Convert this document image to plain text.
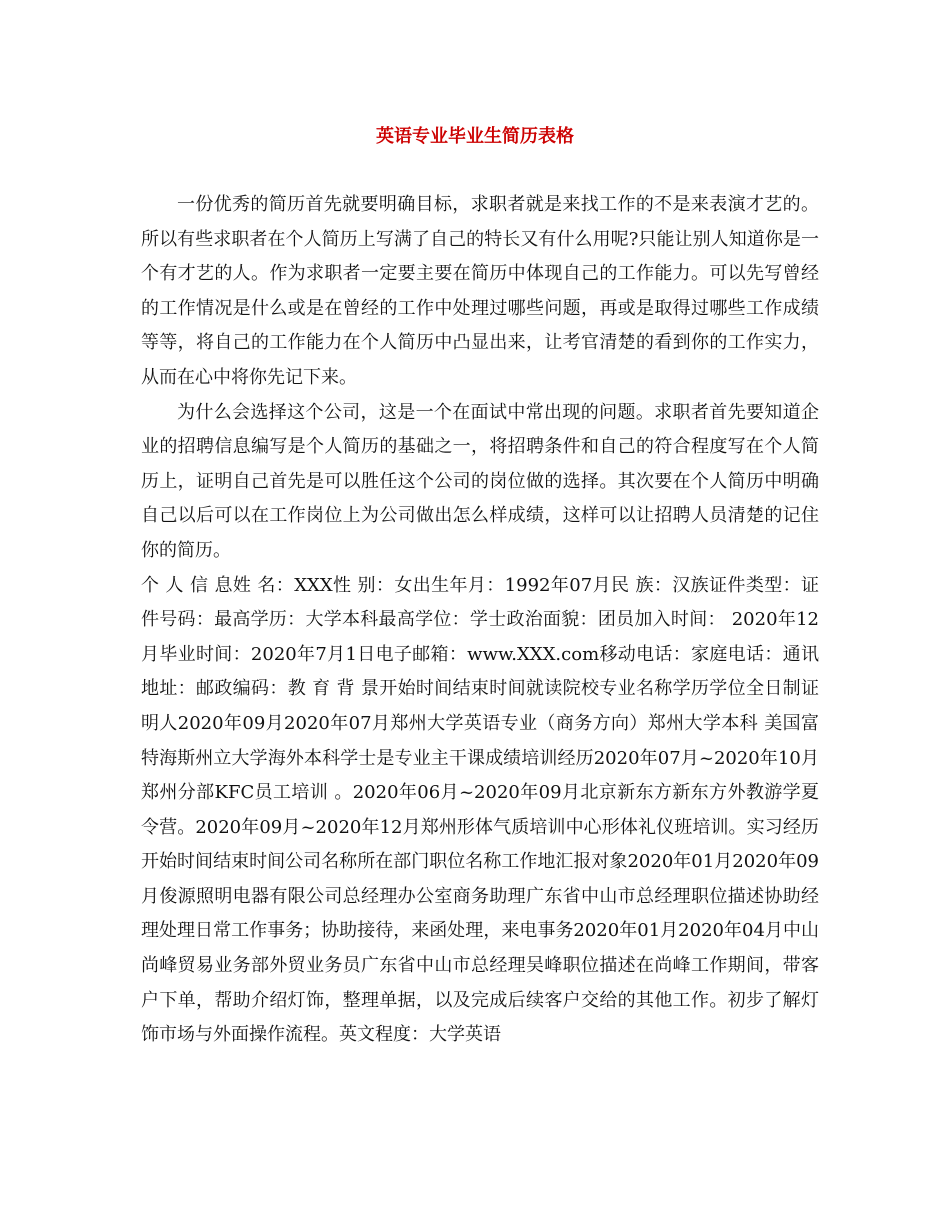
英语专业毕业生简历表格

一份优秀的简历首先就要明确目标，求职者就是来找工作的不是来表演才艺的。所以有些求职者在个人简历上写满了自己的特长又有什么用呢?只能让别人知道你是一个有才艺的人。作为求职者一定要主要在简历中体现自己的工作能力。可以先写曾经的工作情况是什么或是在曾经的工作中处理过哪些问题，再或是取得过哪些工作成绩等等，将自己的工作能力在个人简历中凸显出来，让考官清楚的看到你的工作实力，从而在心中将你先记下来。

为什么会选择这个公司，这是一个在面试中常出现的问题。求职者首先要知道企业的招聘信息编写是个人简历的基础之一，将招聘条件和自己的符合程度写在个人简历上，证明自己首先是可以胜任这个公司的岗位做的选择。其次要在个人简历中明确自己以后可以在工作岗位上为公司做出怎么样成绩，这样可以让招聘人员清楚的记住你的简历。

个 人 信 息姓 名：XXX性 别：女出生年月：1992年07月民 族：汉族证件类型：证件号码：最高学历：大学本科最高学位：学士政治面貌：团员加入时间： 2020年12月毕业时间：2020年7月1日电子邮箱：www.XXX.com移动电话：家庭电话：通讯地址：邮政编码：教 育 背 景开始时间结束时间就读院校专业名称学历学位全日制证明人2020年09月2020年07月郑州大学英语专业（商务方向）郑州大学本科 美国富特海斯州立大学海外本科学士是专业主干课成绩培训经历2020年07月~2020年10月 郑州分部KFC员工培训 。2020年06月~2020年09月北京新东方新东方外教游学夏令营。2020年09月~2020年12月郑州形体气质培训中心形体礼仪班培训。实习经历开始时间结束时间公司名称所在部门职位名称工作地汇报对象2020年01月2020年09月俊源照明电器有限公司总经理办公室商务助理广东省中山市总经理职位描述协助经理处理日常工作事务；协助接待，来函处理，来电事务2020年01月2020年04月中山尚峰贸易业务部外贸业务员广东省中山市总经理吴峰职位描述在尚峰工作期间，带客户下单，帮助介绍灯饰，整理单据，以及完成后续客户交给的其他工作。初步了解灯饰市场与外面操作流程。英文程度：大学英语
